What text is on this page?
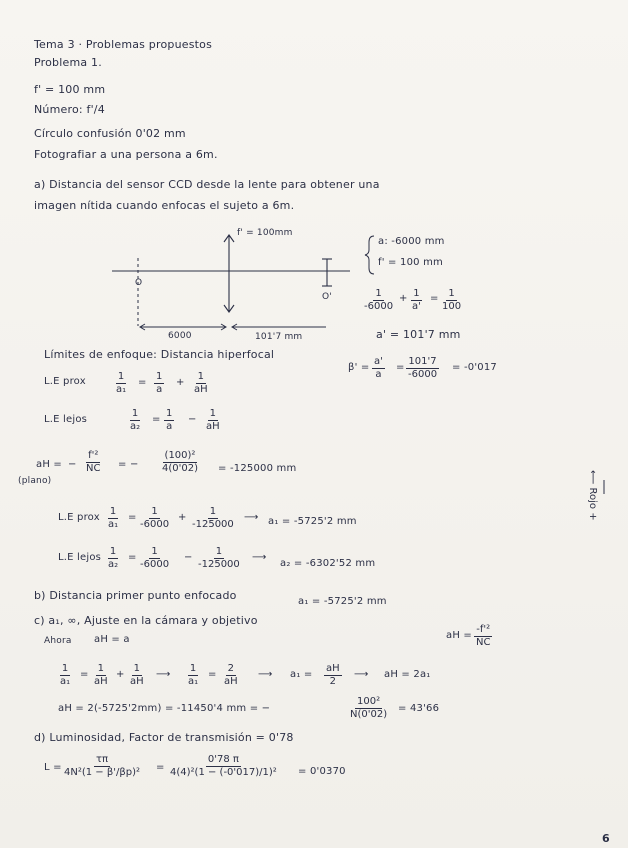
Tema 3 · Problemas propuestos
Problema 1.
f' = 100 mm
Número: f'/4
Círculo confusión 0'02 mm
Fotografiar a una persona a 6m.
a) Distancia del sensor CCD desde la lente para obtener una
imagen nítida cuando enfocas el sujeto a 6m.
f' = 100mm
O
O'
6000	101'7 mm
a: -6000 mm
f' = 100 mm
1
-6000
+ 1
a'
= 1
100
a' = 101'7 mm
β' =
a'
a
=
101'7
-6000
= -0'017
Límites de enfoque: Distancia hiperfocal
L.E prox	1
a₁
=
1
a
+
1
aH
L.E lejos
1
a₂
=
1
a
−
1
aH
aH = −
f'²
NC = −
(100)²
4(0'02) = -125000 mm
(plano)
L.E prox
1
a₁
=
1
-6000
+
1
-125000
⟶ a₁ = -5725'2 mm
L.E lejos
1
a₂
=
1
-6000
−
1
-125000
⟶
a₂ = -6302'52 mm
b) Distancia primer punto enfocado	a₁ = -5725'2 mm
c) a₁, ∞, Ajuste en la cámara y objetivo
aH =
-f'²
NC
Ahora aH = a
1
a₁
=
1
aH
+
1
aH
⟶
1
a₁
=
2
aH
⟶ a₁ =
aH
2
⟶ aH = 2a₁
aH = 2(-5725'2mm) = -11450'4 mm = −
100²
N(0'02)
= 43'66
d) Luminosidad, Factor de transmisión = 0'78
L =
τπ
4N²(1 − β'/βp)² =
0'78 π
4(4)²(1 − (-0'017)/1)² = 0'0370
⟵ Rojo +
6
